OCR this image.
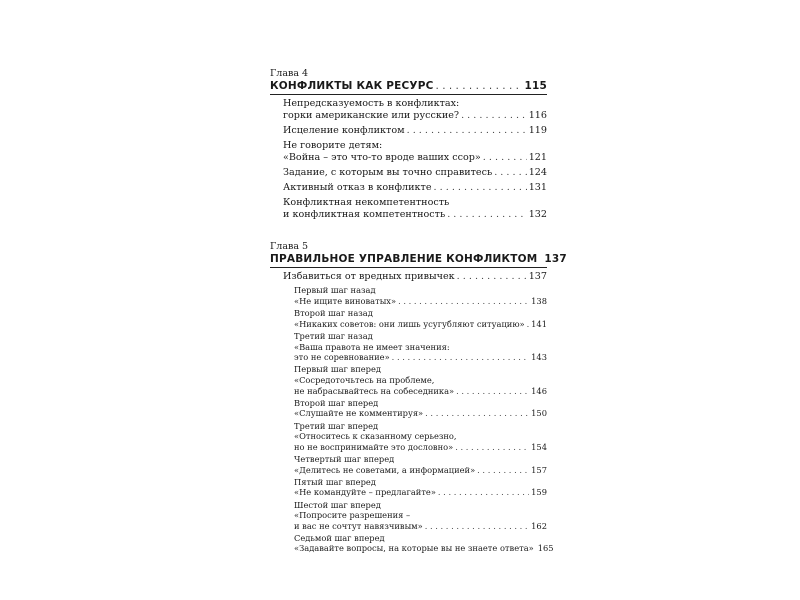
Глава 4

КОНФЛИКТЫ КАК РЕСУРС . . .	115
Непредсказуемость в конфликтах:
горки американские или русские? . . .	116
Исцеление конфликтом . . .	119
Не говорите детям:
«Война – это что-то вроде ваших ссор» . . .	121
Задание, с которым вы точно справитесь . . .	124
Активный отказ в конфликте . . .	131
Конфликтная некомпетентность
и конфликтная компетентность . . .	132

Глава 5

ПРАВИЛЬНОЕ УПРАВЛЕНИЕ КОНФЛИКТОМ 137
Избавиться от вредных привычек . . .	137
Первый шаг назад
«Не ищите виноватых» . . .	138
Второй шаг назад
«Никаких советов: они лишь усугубляют ситуацию» . . . 141
Третий шаг назад
«Ваша правота не имеет значения:
это не соревнование» . . .	143
Первый шаг вперед
«Сосредоточьтесь на проблеме,
не набрасывайтесь на собеседника» . . .	146
Второй шаг вперед
«Слушайте не комментируя» . . .	150
Третий шаг вперед
«Относитесь к сказанному серьезно,
но не воспринимайте это дословно» . . .	154
Четвертый шаг вперед
«Делитесь не советами, а информацией» . . .	157
Пятый шаг вперед
«Не командуйте – предлагайте» . . .	159
Шестой шаг вперед
«Попросите разрешения –
и вас не сочтут навязчивым» . . .	162
Седьмой шаг вперед
«Задавайте вопросы, на которые вы не знаете ответа» 165
